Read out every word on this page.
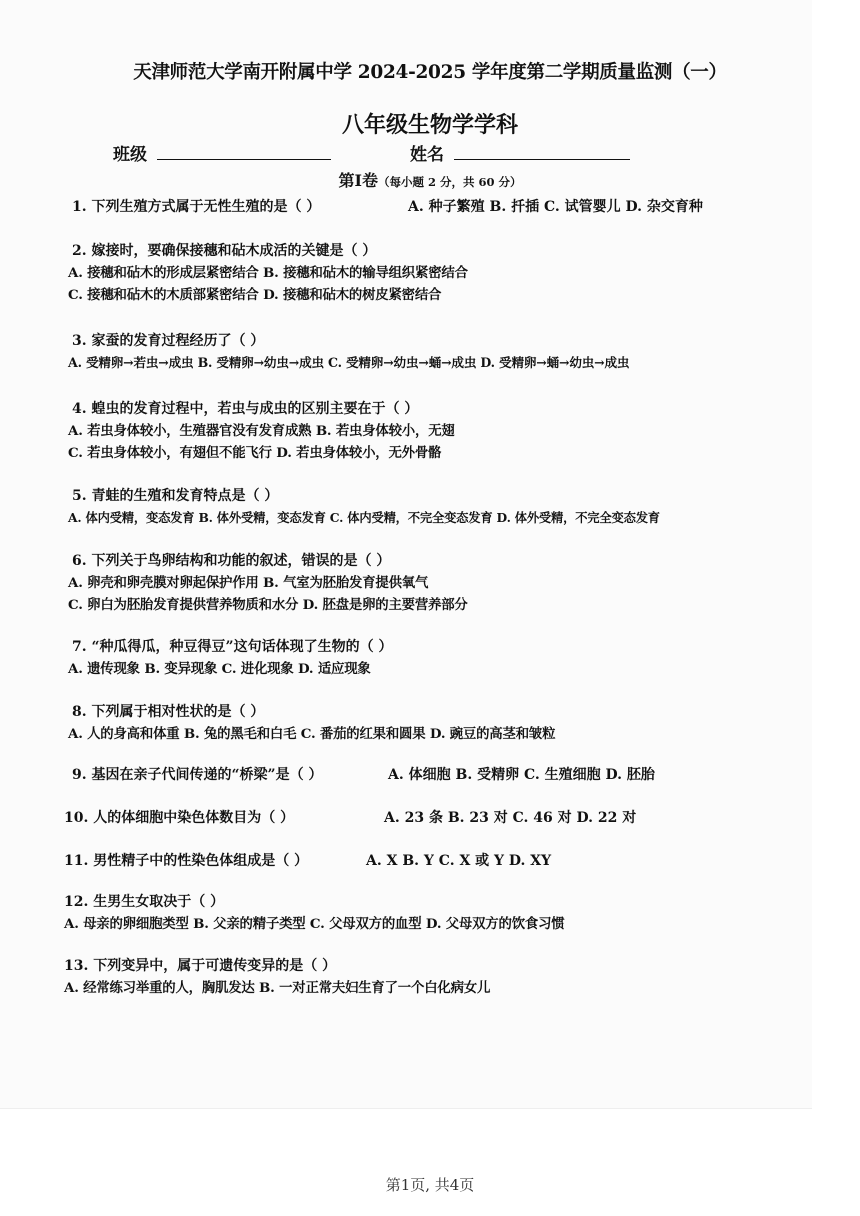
天津师范大学南开附属中学 2024-2025 学年度第二学期质量监测（一）
八年级生物学学科
班级	姓名
第Ⅰ卷（每小题 2 分，共 60 分）
1. 下列生殖方式属于无性生殖的是（ ）	A. 种子繁殖 B. 扦插 C. 试管婴儿 D. 杂交育种
2. 嫁接时，要确保接穗和砧木成活的关键是（ ）
A. 接穗和砧木的形成层紧密结合 B. 接穗和砧木的输导组织紧密结合
C. 接穗和砧木的木质部紧密结合 D. 接穗和砧木的树皮紧密结合
3. 家蚕的发育过程经历了（ ）
A. 受精卵→若虫→成虫 B. 受精卵→幼虫→成虫 C. 受精卵→幼虫→蛹→成虫 D. 受精卵→蛹→幼虫→成虫
4. 蝗虫的发育过程中，若虫与成虫的区别主要在于（ ）
A. 若虫身体较小，生殖器官没有发育成熟 B. 若虫身体较小，无翅
C. 若虫身体较小，有翅但不能飞行 D. 若虫身体较小，无外骨骼
5. 青蛙的生殖和发育特点是（ ）
A. 体内受精，变态发育 B. 体外受精，变态发育 C. 体内受精，不完全变态发育 D. 体外受精，不完全变态发育
6. 下列关于鸟卵结构和功能的叙述，错误的是（ ）
A. 卵壳和卵壳膜对卵起保护作用 B. 气室为胚胎发育提供氧气
C. 卵白为胚胎发育提供营养物质和水分 D. 胚盘是卵的主要营养部分
7. “种瓜得瓜，种豆得豆”这句话体现了生物的（ ）
A. 遗传现象 B. 变异现象 C. 进化现象 D. 适应现象
8. 下列属于相对性状的是（ ）
A. 人的身高和体重 B. 兔的黑毛和白毛 C. 番茄的红果和圆果 D. 豌豆的高茎和皱粒
9. 基因在亲子代间传递的“桥梁”是（ ）	A. 体细胞 B. 受精卵 C. 生殖细胞 D. 胚胎
10. 人的体细胞中染色体数目为（ ）	A. 23 条 B. 23 对 C. 46 对 D. 22 对
11. 男性精子中的性染色体组成是（ ）	A. X B. Y C. X 或 Y D. XY
12. 生男生女取决于（ ）
A. 母亲的卵细胞类型 B. 父亲的精子类型 C. 父母双方的血型 D. 父母双方的饮食习惯
13. 下列变异中，属于可遗传变异的是（ ）
A. 经常练习举重的人，胸肌发达 B. 一对正常夫妇生育了一个白化病女儿
第1页, 共4页
